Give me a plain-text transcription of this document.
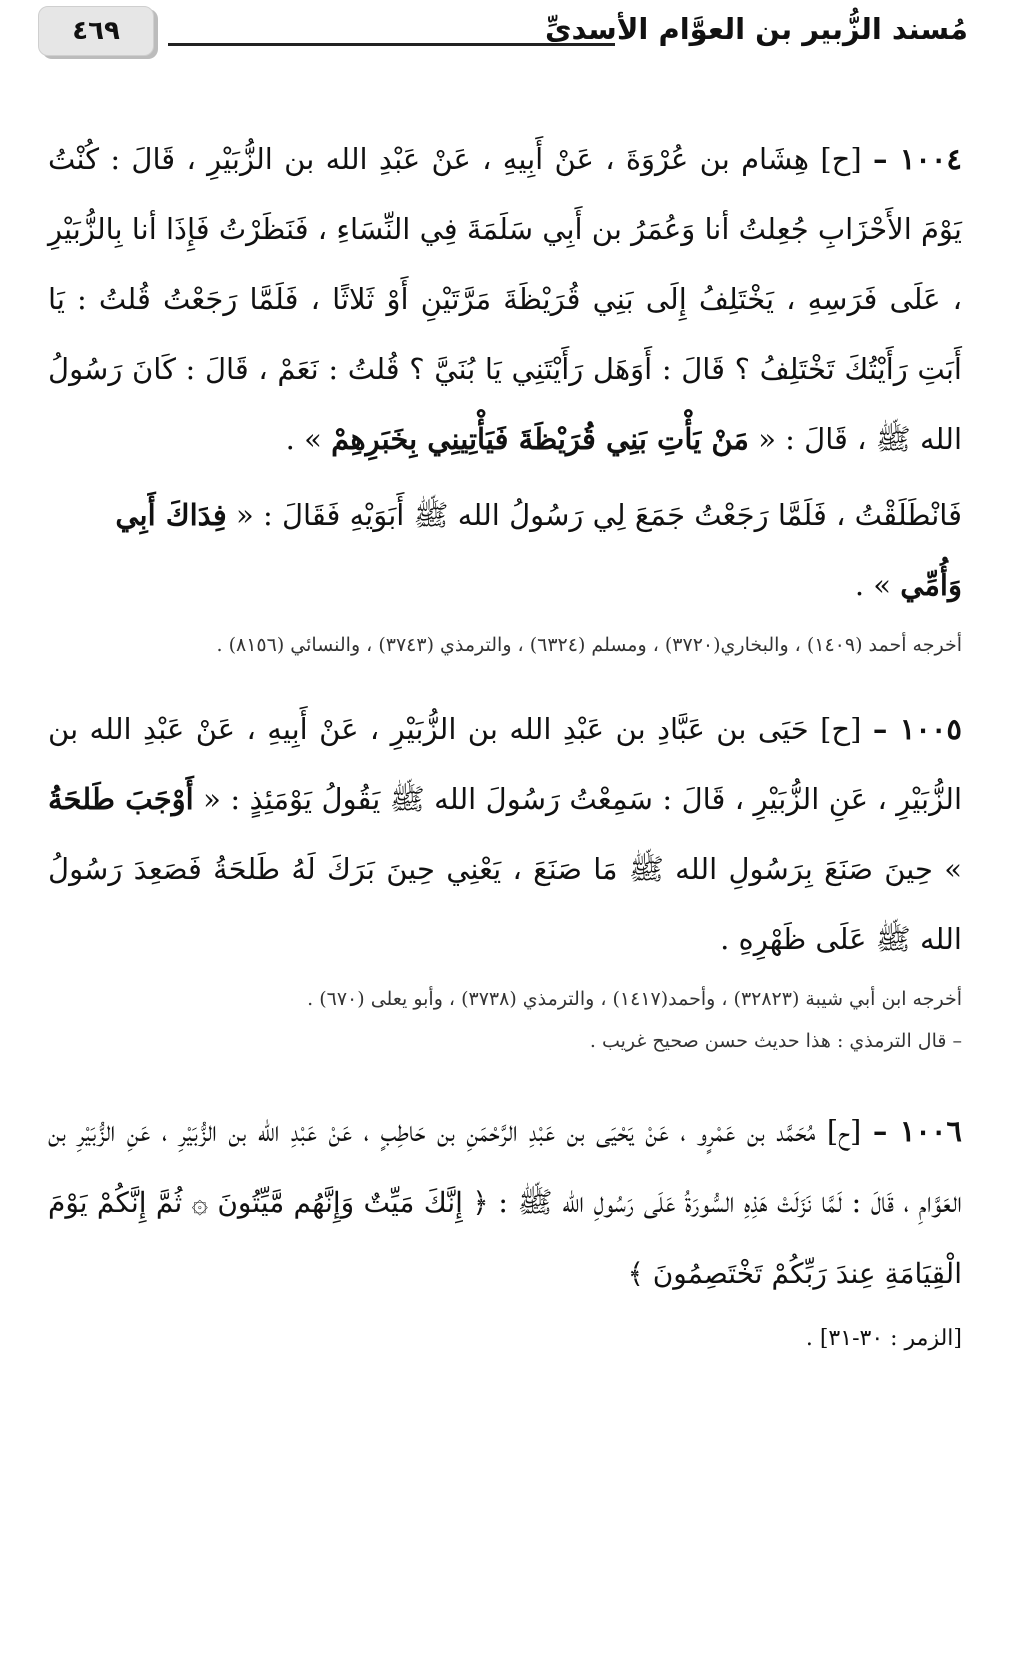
مُسند الزُّبير بن العوَّام الأسديِّ
٤٦٩

١٠٠٤ – [ح] هِشَام بن عُرْوَةَ ، عَنْ أَبِيهِ ، عَنْ عَبْدِ الله بن الزُّبَيْرِ ، قَالَ : كُنْتُ يَوْمَ الأَحْزَابِ جُعِلتُ أنا وَعُمَرُ بن أَبِي سَلَمَةَ فِي النِّسَاءِ ، فَنَظَرْتُ فَإِذَا أنا بِالزُّبَيْرِ ، عَلَى فَرَسِهِ ، يَخْتَلِفُ إِلَى بَنِي قُرَيْظَةَ مَرَّتَيْنِ أَوْ ثَلاثًا ، فَلَمَّا رَجَعْتُ قُلتُ : يَا أَبَتِ رَأَيْتُكَ تَخْتَلِفُ ؟ قَالَ : أَوَهَل رَأَيْتَنِي يَا بُنَيَّ ؟ قُلتُ : نَعَمْ ، قَالَ : كَانَ رَسُولُ الله ﷺ ، قَالَ : « مَنْ يَأْتِ بَنِي قُرَيْظَةَ فَيَأْتِينِي بِخَبَرِهِمْ » .

فَانْطَلَقْتُ ، فَلَمَّا رَجَعْتُ جَمَعَ لِي رَسُولُ الله ﷺ أَبَوَيْهِ فَقَالَ : « فِدَاكَ أَبِي وَأُمِّي » .

أخرجه أحمد (١٤٠٩) ، والبخاري(٣٧٢٠) ، ومسلم (٦٣٢٤) ، والترمذي (٣٧٤٣) ، والنسائي (٨١٥٦) .

١٠٠٥ – [ح] حَيَى بن عَبَّادِ بن عَبْدِ الله بن الزُّبَيْرِ ، عَنْ أَبِيهِ ، عَنْ عَبْدِ الله بن الزُّبَيْرِ ، عَنِ الزُّبَيْرِ ، قَالَ : سَمِعْتُ رَسُولَ الله ﷺ يَقُولُ يَوْمَئِذٍ : « أَوْجَبَ طَلحَةُ » حِينَ صَنَعَ بِرَسُولِ الله ﷺ مَا صَنَعَ ، يَعْنِي حِينَ بَرَكَ لَهُ طَلحَةُ فَصَعِدَ رَسُولُ الله ﷺ عَلَى ظَهْرِهِ .

أخرجه ابن أبي شيبة (٣٢٨٢٣) ، وأحمد(١٤١٧) ، والترمذي (٣٧٣٨) ، وأبو يعلى (٦٧٠) .

– قال الترمذي : هذا حديث حسن صحيح غريب .

١٠٠٦ – [ح] مُحَمَّد بن عَمْرٍو ، عَنْ يَحْيَى بن عَبْدِ الرَّحْمَنِ بن حَاطِبٍ ، عَنْ عَبْدِ الله بن الزُّبَيْرِ ، عَنِ الزُّبَيْرِ بن العَوَّامِ ، قَالَ : لَمَّا نَزَلَتْ هَذِهِ السُّورَةُ عَلَى رَسُولِ الله ﷺ : ﴿ إِنَّكَ مَيِّتٌ وَإِنَّهُم مَّيِّتُونَ ۞ ثُمَّ إِنَّكُمْ يَوْمَ الْقِيَامَةِ عِندَ رَبِّكُمْ تَخْتَصِمُونَ ﴾

[الزمر : ٣٠-٣١] .
